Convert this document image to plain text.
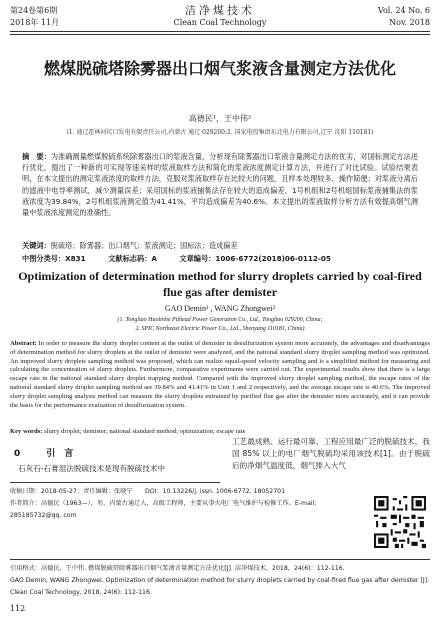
第24卷第6期	洁净煤技术	Vol. 24 No. 6
2018年 11月	Clean Coal Technology	Nov. 2018
燃煤脱硫塔除雾器出口烟气浆液含量测定方法优化
高德民¹，王中伟²
(1. 通辽霍林河坑口发电有限责任公司,内蒙古 通辽 029200;2. 国家电投集团东北电力有限公司,辽宁 沈阳 110181)
摘　要：为准确测量燃煤脱硫系统除雾器出口的浆液含量，分析现有除雾器出口浆液含量测定方法的优劣，对国标测定方法进行优化，提出了一种新的可实现等速采样的浆液取样方法和简化的浆液浓度测定计算方法，并进行了对比试验。试验结果表明，在本文提出的测定浆液浓度的取样方法，克服对浆液取样存在比较大的问题，且样本处理较多，操作简便；对浆液分离后的滤液中电导率测试，减少测量误差；采用国标的浆液捕集法存在较大的造成偏差，1号机组和2号机组国标浆液捕集法的浆液浓度为39.84%，2号机组浆液测定值为41.41%，平均造成偏差为40.6%。本文提出的浆液取样分析方法有效提高烟气测量中浆液浓度测定的准确性。
关键词：脱硫塔；除雾器；出口烟气；浆液测定；国标法；造成偏差
中图分类号：X831	文献标志码：A	文章编号：1006-6772(2018)06-0112-05
Optimization of determination method for slurry droplets carried by coal-fired flue gas after demister
GAO Demin¹ , WANG Zhongwei²
(1. Tongliao Huolinhe Pithead Power Generation Co., Ltd., Tongliao 029200, China;
2. SPIC Northeast Electric Power Co., Ltd., Shenyang 110181, China)
Abstract: In order to measure the slurry droplet content at the outlet of demister in desulfurization system more accurately, the advantages and disadvantages of determination method for slurry droplets at the outlet of demister were analyzed, and the national standard slurry droplet sampling method was optimized. An improved slurry droplets sampling method was proposed, which can realize equal-speed velocity sampling and is a simplified method for measuring and calculating the concentration of slurry droplets. Furthermore, comparative experiments were carried out. The experimental results show that there is a large escape rate in the national standard slurry droplet trapping method. Compared with the improved slurry droplet sampling method, the escape rates of the national standard slurry droplet sampling method are 39.84% and 41.41% in Unit 1 and 2 respectively, and the average escape rate is 40.6%. The improved slurry droplet sampling analysis method can measure the slurry droplets entrained by purified flue gas after the demister more accurately, and it can provide the basis for the performance evaluation of desulfurization system.
Key words: slurry droplet; demister; national standard method; optimization; escape rate
0	引　言
石灰石-石膏湿法脱硫技术是现有脱硫技术中
工艺最成熟、运行最可靠、工程应用最广泛的脱硫技术，我国 85% 以上的电厂烟气脱硫均采用该技术[1]。由于脱硫后的净烟气温度低，烟气排入大气
收稿日期：2018-05-27；责任编辑：张晓宁　　DOI：10.13226/j. issn. 1006-6772. 18052701
作者简介：高德民（1963—），男，内蒙古通辽人，高级工程师，主要从事火电厂电气维护与检修工作。E-mail：285185732@qq. com
引用格式：高德民，王中伟. 燃煤脱硫塔除雾器出口烟气浆液含量测定方法优化[J]. 洁净煤技术，2018，24(6)：112-116.
GAO Demin, WANG Zhongwei. Optimization of determination method for slurry droplets carried by coal-fired flue gas after demister [J]. Clean Coal Technology, 2018, 24(6): 112-116.
112
